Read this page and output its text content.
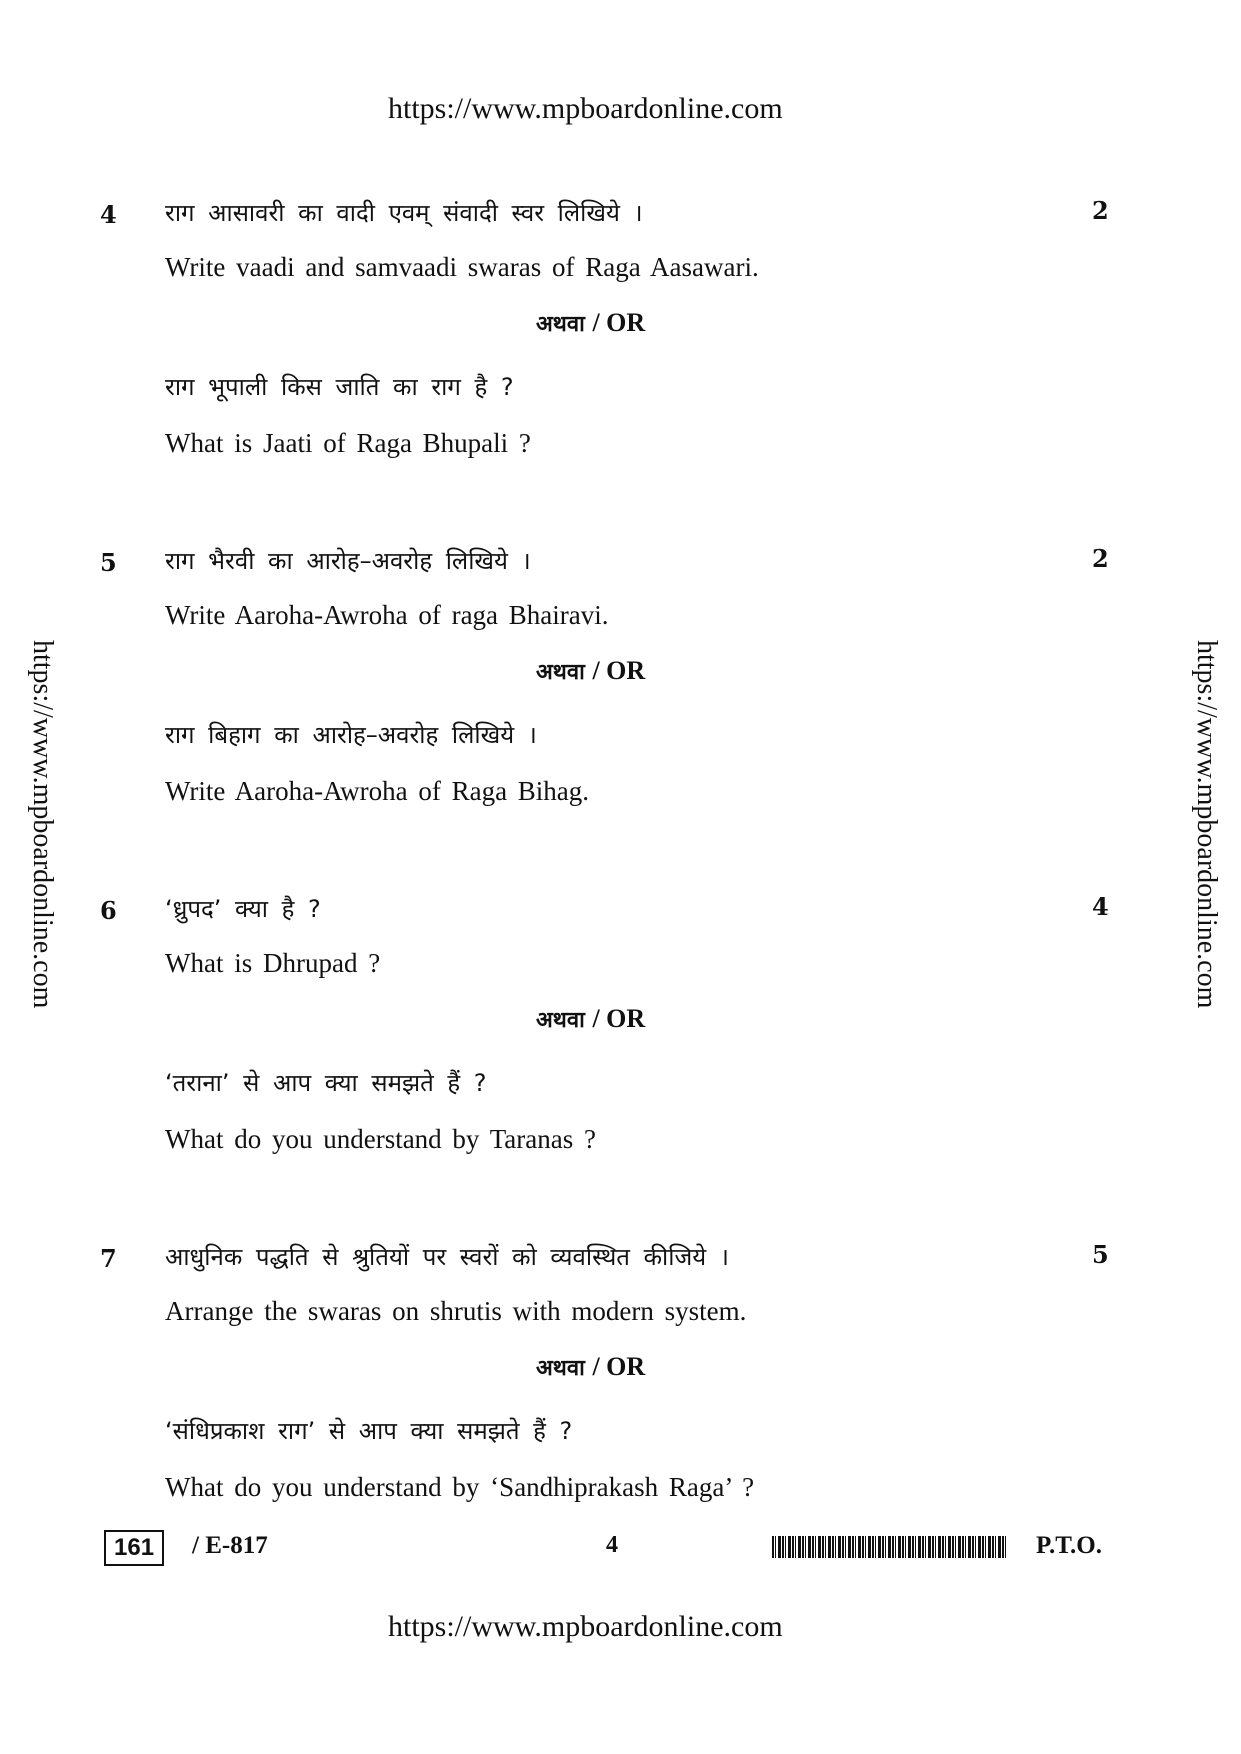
https://www.mpboardonline.com
https://www.mpboardonline.com	https://www.mpboardonline.com
4	2
राग आसावरी का वादी एवम् संवादी स्वर लिखिये ।
Write vaadi and samvaadi swaras of Raga Aasawari.
अथवा / OR
राग भूपाली किस जाति का राग है ?
What is Jaati of Raga Bhupali ?
5	2
राग भैरवी का आरोह–अवरोह लिखिये ।
Write Aaroha-Awroha of raga Bhairavi.
अथवा / OR
राग बिहाग का आरोह–अवरोह लिखिये ।
Write Aaroha-Awroha of Raga Bihag.
6	4
‘ध्रुपद’ क्या है ?
What is Dhrupad ?
अथवा / OR
‘तराना’ से आप क्या समझते हैं ?
What do you understand by Taranas ?
7	5
आधुनिक पद्धति से श्रुतियों पर स्वरों को व्यवस्थित कीजिये ।
Arrange the swaras on shrutis with modern system.
अथवा / OR
‘संधिप्रकाश राग’ से आप क्या समझते हैं ?
What do you understand by ‘Sandhiprakash Raga’ ?
161	/ E-817	4	P.T.O.
https://www.mpboardonline.com
